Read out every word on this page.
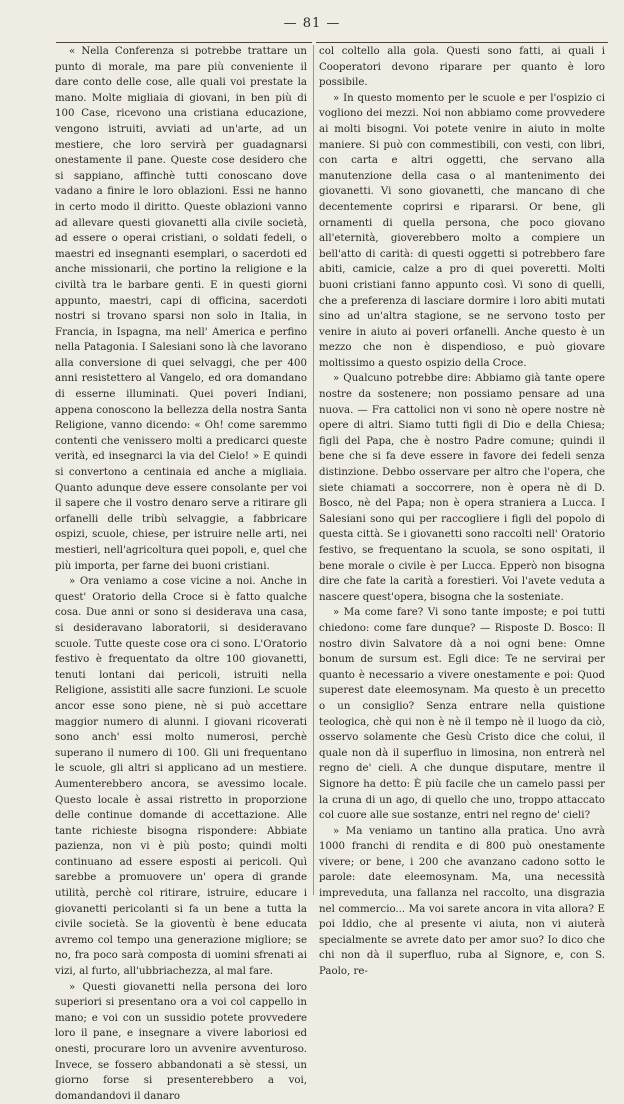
— 81 —

« Nella Conferenza si potrebbe trattare un punto di morale, ma pare più conveniente il dare conto delle cose, alle quali voi prestate la mano. Molte migliaia di giovani, in ben più di 100 Case, ricevono una cristiana educazione, vengono istruiti, avviati ad un'arte, ad un mestiere, che loro servirà per guadagnarsi onestamente il pane. Queste cose desidero che si sappiano, affinchè tutti conoscano dove vadano a finire le loro oblazioni. Essi ne hanno in certo modo il diritto. Queste oblazioni vanno ad allevare questi giovanetti alla civile società, ad essere o operai cristiani, o soldati fedeli, o maestri ed insegnanti esemplari, o sacerdoti ed anche missionarii, che portino la religione e la civiltà tra le barbare genti. E in questi giorni appunto, maestri, capi di officina, sacerdoti nostri si trovano sparsi non solo in Italia, in Francia, in Ispagna, ma nell' America e perfino nella Patagonia. I Salesiani sono là che lavorano alla conversione di quei selvaggi, che per 400 anni resistettero al Vangelo, ed ora domandano di esserne illuminati. Quei poveri Indiani, appena conoscono la bellezza della nostra Santa Religione, vanno dicendo: « Oh! come saremmo contenti che venissero molti a predicarci queste verità, ed insegnarci la via del Cielo! » E quindi si convertono a centinaia ed anche a migliaia. Quanto adunque deve essere consolante per voi il sapere che il vostro denaro serve a ritirare gli orfanelli delle tribù selvaggie, a fabbricare ospizi, scuole, chiese, per istruire nelle arti, nei mestieri, nell'agricoltura quei popoli, e, quel che più importa, per farne dei buoni cristiani.

» Ora veniamo a cose vicine a noi. Anche in quest' Oratorio della Croce si è fatto qualche cosa. Due anni or sono si desiderava una casa, si desideravano laboratorii, si desideravano scuole. Tutte queste cose ora ci sono. L'Oratorio festivo è frequentato da oltre 100 giovanetti, tenuti lontani dai pericoli, istruiti nella Religione, assistiti alle sacre funzioni. Le scuole ancor esse sono piene, nè si può accettare maggior numero di alunni. I giovani ricoverati sono anch' essi molto numerosi, perchè superano il numero di 100. Gli uni frequentano le scuole, gli altri si applicano ad un mestiere. Aumenterebbero ancora, se avessimo locale. Questo locale è assai ristretto in proporzione delle continue domande di accettazione. Alle tante richieste bisogna rispondere: Abbiate pazienza, non vi è più posto; quindi molti continuano ad essere esposti ai pericoli. Quì sarebbe a promuovere un' opera di grande utilità, perchè col ritirare, istruire, educare i giovanetti pericolanti si fa un bene a tutta la civile società. Se la gioventù è bene educata avremo col tempo una generazione migliore; se no, fra poco sarà composta di uomini sfrenati ai vizi, al furto, all'ubbriachezza, al mal fare.

» Questi giovanetti nella persona dei loro superiori si presentano ora a voi col cappello in mano; e voi con un sussidio potete provvedere loro il pane, e insegnare a vivere laboriosi ed onesti, procurare loro un avvenire avventuroso. Invece, se fossero abbandonati a sè stessi, un giorno forse si presenterebbero a voi, domandandovi il danaro

col coltello alla gola. Questi sono fatti, ai quali i Cooperatori devono riparare per quanto è loro possibile.

» In questo momento per le scuole e per l'ospizio ci vogliono dei mezzi. Noi non abbiamo come provvedere ai molti bisogni. Voi potete venire in aiuto in molte maniere. Si può con commestibili, con vesti, con libri, con carta e altri oggetti, che servano alla manutenzione della casa o al mantenimento dei giovanetti. Vi sono giovanetti, che mancano di che decentemente coprirsi e ripararsi. Or bene, gli ornamenti di quella persona, che poco giovano all'eternità, gioverebbero molto a compiere un bell'atto di carità: di questi oggetti si potrebbero fare abiti, camicie, calze a pro di quei poveretti. Molti buoni cristiani fanno appunto così. Vi sono di quelli, che a preferenza di lasciare dormire i loro abiti mutati sino ad un'altra stagione, se ne servono tosto per venire in aiuto ai poveri orfanelli. Anche questo è un mezzo che non è dispendioso, e può giovare moltissimo a questo ospizio della Croce.

» Qualcuno potrebbe dire: Abbiamo già tante opere nostre da sostenere; non possiamo pensare ad una nuova. — Fra cattolici non vi sono nè opere nostre nè opere di altri. Siamo tutti figli di Dio e della Chiesa; figli del Papa, che è nostro Padre comune; quindi il bene che si fa deve essere in favore dei fedeli senza distinzione. Debbo osservare per altro che l'opera, che siete chiamati a soccorrere, non è opera nè di D. Bosco, nè del Papa; non è opera straniera a Lucca. I Salesiani sono qui per raccogliere i figli del popolo di questa città. Se i giovanetti sono raccolti nell' Oratorio festivo, se frequentano la scuola, se sono ospitati, il bene morale o civile è per Lucca. Epperò non bisogna dire che fate la carità a forestieri. Voi l'avete veduta a nascere quest'opera, bisogna che la sosteniate.

» Ma come fare? Vi sono tante imposte; e poi tutti chiedono: come fare dunque? — Risposte D. Bosco: Il nostro divin Salvatore dà a noi ogni bene: Omne bonum de sursum est. Egli dice: Te ne servirai per quanto è necessario a vivere onestamente e poi: Quod superest date eleemosynam. Ma questo è un precetto o un consiglio? Senza entrare nella quistione teologica, chè qui non è nè il tempo nè il luogo da ciò, osservo solamente che Gesù Cristo dice che colui, il quale non dà il superfluo in limosina, non entrerà nel regno de' cieli. A che dunque disputare, mentre il Signore ha detto: È più facile che un camelo passi per la cruna di un ago, di quello che uno, troppo attaccato col cuore alle sue sostanze, entri nel regno de' cieli?

» Ma veniamo un tantino alla pratica. Uno avrà 1000 franchi di rendita e di 800 può onestamente vivere; or bene, i 200 che avanzano cadono sotto le parole: date eleemosynam. Ma, una necessità impreveduta, una fallanza nel raccolto, una disgrazia nel commercio... Ma voi sarete ancora in vita allora? E poi Iddio, che al presente vi aiuta, non vi aiuterà specialmente se avrete dato per amor suo? Io dico che chi non dà il superfluo, ruba al Signore, e, con S. Paolo, re-
